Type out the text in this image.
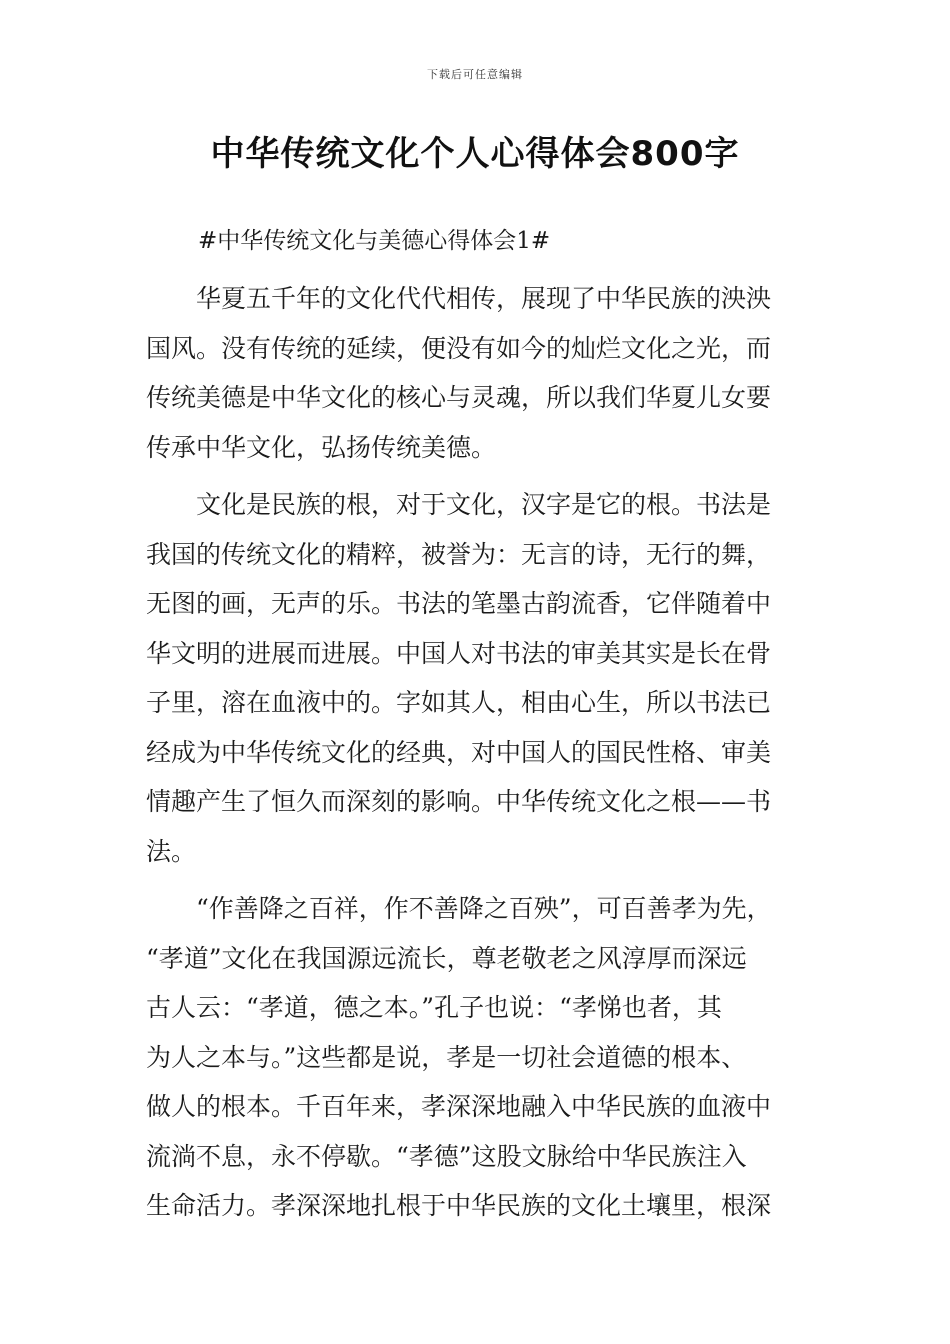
下载后可任意编辑
中华传统文化个人心得体会800字

#中华传统文化与美德心得体会1#

华夏五千年的文化代代相传，展现了中华民族的泱泱
国风。没有传统的延续，便没有如今的灿烂文化之光，而
传统美德是中华文化的核心与灵魂，所以我们华夏儿女要
传承中华文化，弘扬传统美德。

文化是民族的根，对于文化，汉字是它的根。书法是
我国的传统文化的精粹，被誉为：无言的诗，无行的舞，
无图的画，无声的乐。书法的笔墨古韵流香，它伴随着中
华文明的进展而进展。中国人对书法的审美其实是长在骨
子里，溶在血液中的。字如其人，相由心生，所以书法已
经成为中华传统文化的经典，对中国人的国民性格、审美
情趣产生了恒久而深刻的影响。中华传统文化之根——书
法。

“作善降之百祥，作不善降之百殃”，可百善孝为先，
“孝道”文化在我国源远流长，尊老敬老之风淳厚而深远
古人云：“孝道，德之本。”孔子也说：“孝悌也者，其
为人之本与。”这些都是说，孝是一切社会道德的根本、
做人的根本。千百年来，孝深深地融入中华民族的血液中
流淌不息，永不停歇。“孝德”这股文脉给中华民族注入
生命活力。孝深深地扎根于中华民族的文化土壤里，根深
